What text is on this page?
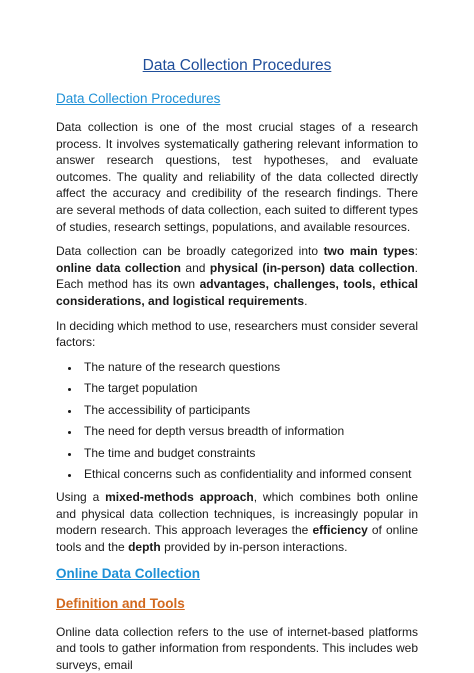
Data Collection Procedures
Data Collection Procedures

Data collection is one of the most crucial stages of a research process. It involves systematically gathering relevant information to answer research questions, test hypotheses, and evaluate outcomes. The quality and reliability of the data collected directly affect the accuracy and credibility of the research findings. There are several methods of data collection, each suited to different types of studies, research settings, populations, and available resources.

Data collection can be broadly categorized into two main types: online data collection and physical (in-person) data collection. Each method has its own advantages, challenges, tools, ethical considerations, and logistical requirements.

In deciding which method to use, researchers must consider several factors:

• The nature of the research questions
• The target population
• The accessibility of participants
• The need for depth versus breadth of information
• The time and budget constraints
• Ethical concerns such as confidentiality and informed consent

Using a mixed-methods approach, which combines both online and physical data collection techniques, is increasingly popular in modern research. This approach leverages the efficiency of online tools and the depth provided by in-person interactions.

Online Data Collection
Definition and Tools

Online data collection refers to the use of internet-based platforms and tools to gather information from respondents. This includes web surveys, email
